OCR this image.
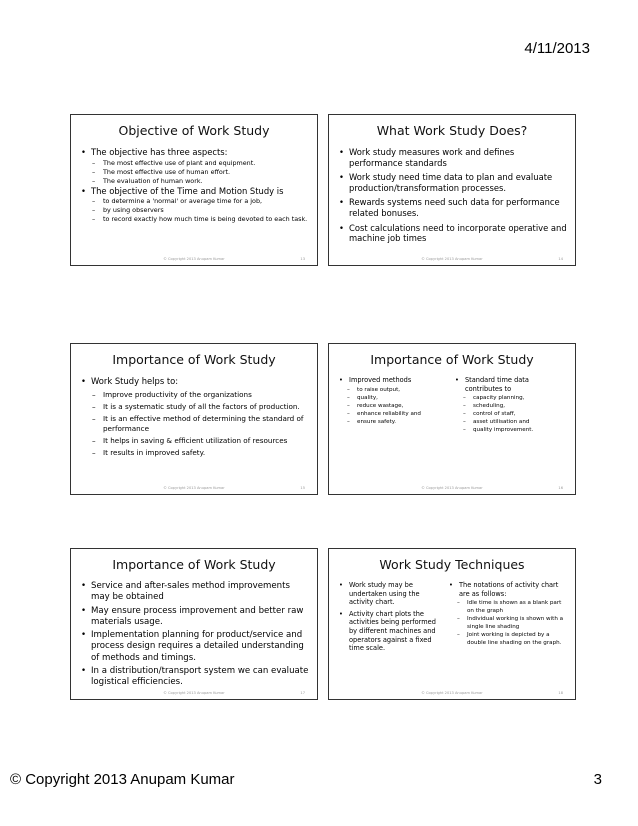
4/11/2013
Objective of Work Study
• The objective has three aspects:
– The most effective use of plant and equipment.
– The most effective use of human effort.
– The evaluation of human work.
• The objective of the Time and Motion Study is
– to determine a 'normal' or average time for a job,
– by using observers
– to record exactly how much time is being devoted to each task.
© Copyright 2013 Anupam Kumar	13
What Work Study Does?
• Work study measures work and defines performance standards
• Work study need time data to plan and evaluate production/transformation processes.
• Rewards systems need such data for performance related bonuses.
• Cost calculations need to incorporate operative and machine job times
© Copyright 2013 Anupam Kumar	14
Importance of Work Study
• Work Study helps to:
– Improve productivity of the organizations
– It is a systematic study of all the factors of production.
– It is an effective method of determining the standard of performance
– It helps in saving & efficient utilization of resources
– It results in improved safety.
© Copyright 2013 Anupam Kumar	15
Importance of Work Study
• Improved methods
– to raise output,
– quality,
– reduce wastage,
– enhance reliability and
– ensure safety.
• Standard time data contributes to
– capacity planning,
– scheduling,
– control of staff,
– asset utilisation and
– quality improvement.
© Copyright 2013 Anupam Kumar	16
Importance of Work Study
• Service and after-sales method improvements may be obtained
• May ensure process improvement and better raw materials usage.
• Implementation planning for product/service and process design requires a detailed understanding of methods and timings.
• In a distribution/transport system we can evaluate logistical efficiencies.
© Copyright 2013 Anupam Kumar	17
Work Study Techniques
• Work study may be undertaken using the activity chart.
• Activity chart plots the activities being performed by different machines and operators against a fixed time scale.
• The notations of activity chart are as follows:
– Idle time is shown as a blank part on the graph
– Individual working is shown with a single line shading
– Joint working is depicted by a double line shading on the graph.
© Copyright 2013 Anupam Kumar	18
© Copyright 2013 Anupam Kumar	3
